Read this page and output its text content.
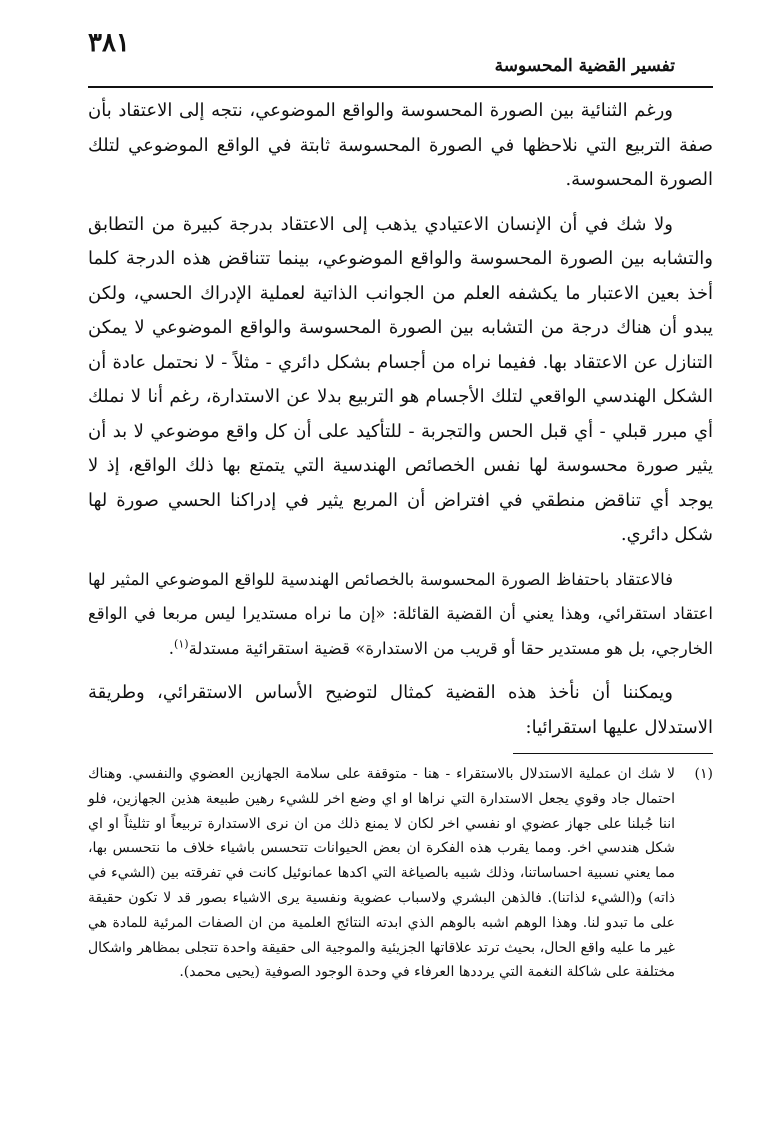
٣٨١
تفسير القضية المحسوسة

ورغم الثنائية بين الصورة المحسوسة والواقع الموضوعي، نتجه إلى الاعتقاد بأن صفة التربيع التي نلاحظها في الصورة المحسوسة ثابتة في الواقع الموضوعي لتلك الصورة المحسوسة.

ولا شك في أن الإنسان الاعتيادي يذهب إلى الاعتقاد بدرجة كبيرة من التطابق والتشابه بين الصورة المحسوسة والواقع الموضوعي، بينما تتناقض هذه الدرجة كلما أخذ بعين الاعتبار ما يكشفه العلم من الجوانب الذاتية لعملية الإدراك الحسي، ولكن يبدو أن هناك درجة من التشابه بين الصورة المحسوسة والواقع الموضوعي لا يمكن التنازل عن الاعتقاد بها. ففيما نراه من أجسام بشكل دائري - مثلاً - لا نحتمل عادة أن الشكل الهندسي الواقعي لتلك الأجسام هو التربيع بدلا عن الاستدارة، رغم أنا لا نملك أي مبرر قبلي - أي قبل الحس والتجربة - للتأكيد على أن كل واقع موضوعي لا بد أن يثير صورة محسوسة لها نفس الخصائص الهندسية التي يتمتع بها ذلك الواقع، إذ لا يوجد أي تناقض منطقي في افتراض أن المربع يثير في إدراكنا الحسي صورة لها شكل دائري.

فالاعتقاد باحتفاظ الصورة المحسوسة بالخصائص الهندسية للواقع الموضوعي المثير لها اعتقاد استقرائي، وهذا يعني أن القضية القائلة: «إن ما نراه مستديرا ليس مربعا في الواقع الخارجي، بل هو مستدير حقا أو قريب من الاستدارة» قضية استقرائية مستدلة$^{(١)}$.

ويمكننا أن نأخذ هذه القضية كمثال لتوضيح الأساس الاستقرائي، وطريقة الاستدلال عليها استقرائيا:

(١)
لا شك ان عملية الاستدلال بالاستقراء - هنا - متوقفة على سلامة الجهازين العضوي والنفسي. وهناك احتمال جاد وقوي يجعل الاستدارة التي نراها او اي وضع اخر للشيء رهين طبيعة هذين الجهازين، فلو اننا جُبلنا على جهاز عضوي او نفسي اخر لكان لا يمنع ذلك من ان نرى الاستدارة تربيعاً او تثليثاً او اي شكل هندسي اخر. ومما يقرب هذه الفكرة ان بعض الحيوانات تتحسس باشياء خلاف ما نتحسس بها، مما يعني نسبية احساساتنا، وذلك شبيه بالصياغة التي اكدها عمانوئيل كانت في تفرقته بين (الشيء في ذاته) و(الشيء لذاتنا). فالذهن البشري ولاسباب عضوية ونفسية يرى الاشياء بصور قد لا تكون حقيقة على ما تبدو لنا. وهذا الوهم اشبه بالوهم الذي ابدته النتائج العلمية من ان الصفات المرئية للمادة هي غير ما عليه واقع الحال، بحيث ترتد علاقاتها الجزيئية والموجية الى حقيقة واحدة تتجلى بمظاهر واشكال مختلفة على شاكلة النغمة التي يرددها العرفاء في وحدة الوجود الصوفية (يحيى محمد).
